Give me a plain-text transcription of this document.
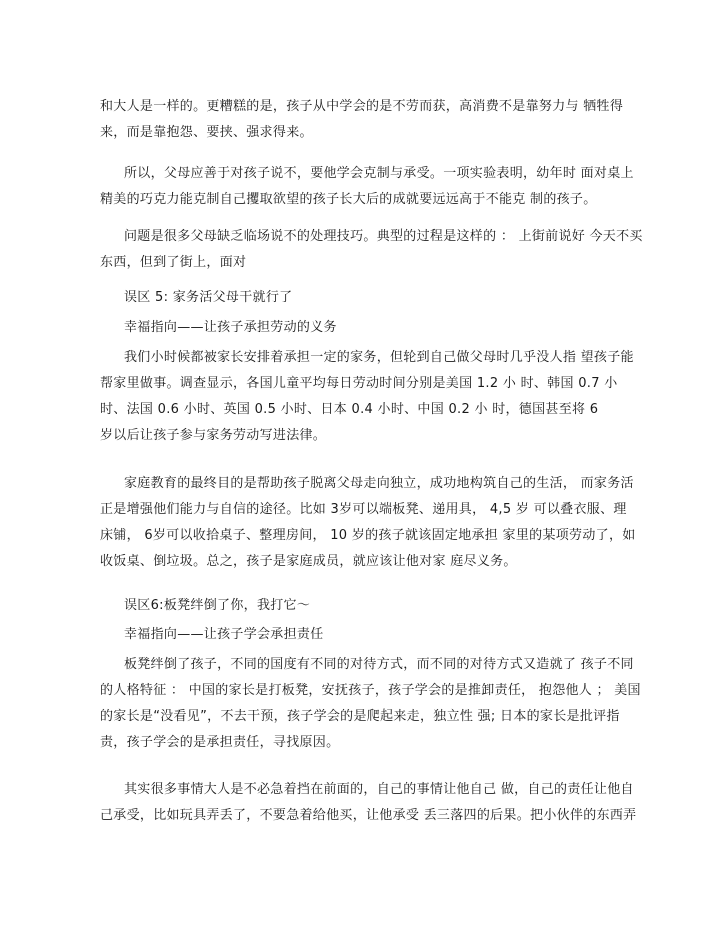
和大人是一样的。更糟糕的是，孩子从中学会的是不劳而获，高消费不是靠努力与 牺牲得
来，而是靠抱怨、要挟、强求得来。
所以，父母应善于对孩子说不，要他学会克制与承受。一项实验表明，幼年时 面对桌上
精美的巧克力能克制自己攫取欲望的孩子长大后的成就要远远高于不能克 制的孩子。
问题是很多父母缺乏临场说不的处理技巧。典型的过程是这样的 ： 上街前说好 今天不买
东西，但到了街上，面对
误区 5: 家务活父母干就行了
幸福指向——让孩子承担劳动的义务
我们小时候都被家长安排着承担一定的家务，但轮到自己做父母时几乎没人指 望孩子能
帮家里做事。调查显示，各国儿童平均每日劳动时间分别是美国 1.2 小 时、韩国 0.7 小
时、法国 0.6 小时、英国 0.5 小时、日本 0.4 小时、中国 0.2 小 时，德国甚至将 6
岁以后让孩子参与家务劳动写进法律。
家庭教育的最终目的是帮助孩子脱离父母走向独立，成功地构筑自己的生活， 而家务活
正是增强他们能力与自信的途径。比如 3岁可以端板凳、递用具， 4,5 岁 可以叠衣服、理
床铺， 6岁可以收拾桌子、整理房间， 10 岁的孩子就该固定地承担 家里的某项劳动了，如
收饭桌、倒垃圾。总之，孩子是家庭成员，就应该让他对家 庭尽义务。
误区6:板凳绊倒了你，我打它～
幸福指向——让孩子学会承担责任
板凳绊倒了孩子，不同的国度有不同的对待方式，而不同的对待方式又造就了 孩子不同
的人格特征 ： 中国的家长是打板凳，安抚孩子，孩子学会的是推卸责任， 抱怨他人 ； 美国
的家长是“没看见”，不去干预，孩子学会的是爬起来走，独立性 强; 日本的家长是批评指
责，孩子学会的是承担责任，寻找原因。
其实很多事情大人是不必急着挡在前面的，自己的事情让他自己 做，自己的责任让他自
己承受，比如玩具弄丢了，不要急着给他买，让他承受 丢三落四的后果。把小伙伴的东西弄
